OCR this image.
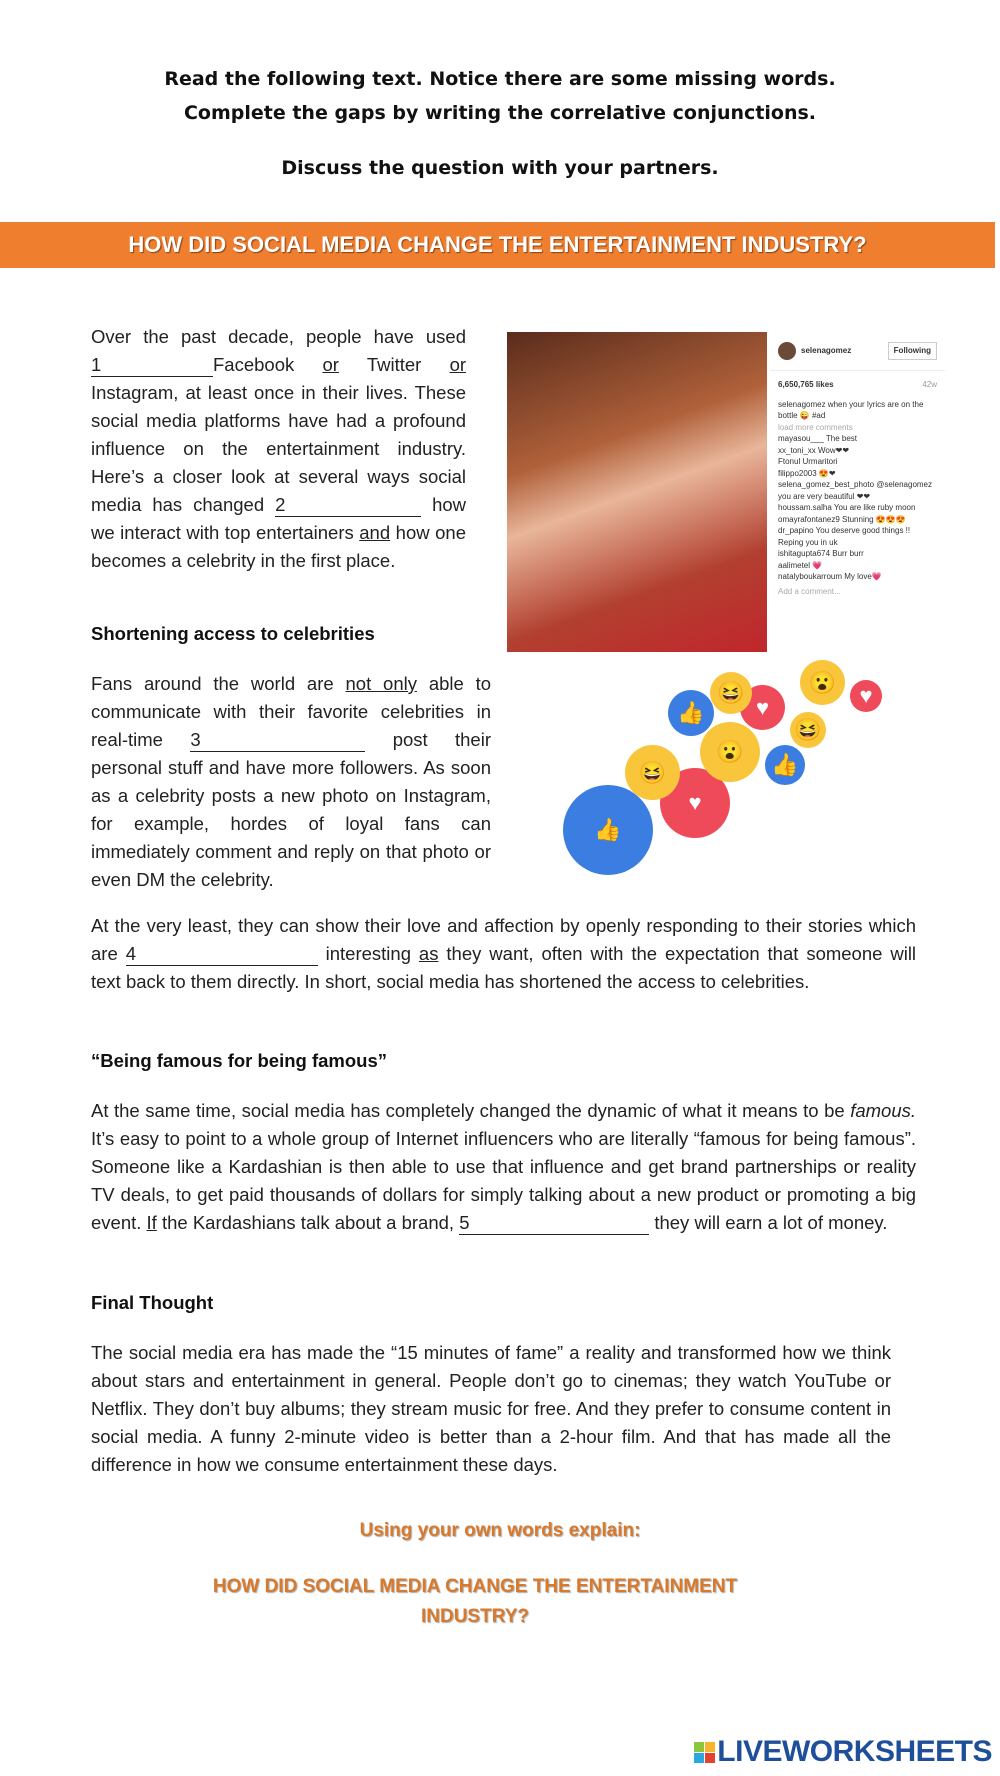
Read the following text. Notice there are some missing words.
Complete the gaps by writing the correlative conjunctions.
Discuss the question with your partners.
HOW DID SOCIAL MEDIA CHANGE THE ENTERTAINMENT INDUSTRY?
Over the past decade, people have used 1	Facebook or Twitter or Instagram, at least once in their lives. These social media platforms have had a profound influence on the entertainment industry. Here’s a closer look at several ways social media has changed 2	how we interact with top entertainers and how one becomes a celebrity in the first place.
Shortening access to celebrities
Fans around the world are not only able to communicate with their favorite celebrities in real-time 3	post their personal stuff and have more followers. As soon as a celebrity posts a new photo on Instagram, for example, hordes of loyal fans can immediately comment and reply on that photo or even DM the celebrity.
At the very least, they can show their love and affection by openly responding to their stories which are 4	interesting as they want, often with the expectation that someone will text back to them directly. In short, social media has shortened the access to celebrities.
“Being famous for being famous”
At the same time, social media has completely changed the dynamic of what it means to be famous. It’s easy to point to a whole group of Internet influencers who are literally “famous for being famous”. Someone like a Kardashian is then able to use that influence and get brand partnerships or reality TV deals, to get paid thousands of dollars for simply talking about a new product or promoting a big event. If the Kardashians talk about a brand, 5	they will earn a lot of money.
Final Thought
The social media era has made the “15 minutes of fame” a reality and transformed how we think about stars and entertainment in general. People don’t go to cinemas; they watch YouTube or Netflix. They don’t buy albums; they stream music for free. And they prefer to consume content in social media. A funny 2-minute video is better than a 2-hour film. And that has made all the difference in how we consume entertainment these days.
Using your own words explain:
HOW DID SOCIAL MEDIA CHANGE THE ENTERTAINMENT INDUSTRY?
selenagomez	Following
6,650,765 likes	42w
selenagomez when your lyrics are on the bottle 😜 #ad
load more comments
mayasou___ The best
xx_toni_xx Wow❤❤
Ftonul Urmaritori
filippo2003 😍❤
selena_gomez_best_photo @selenagomez you are very beautiful ❤❤
houssam.salha You are like ruby moon
omayrafontanez9 Stunning 😍😍😍
dr_papino You deserve good things !! Reping you in uk
ishitagupta674 Burr burr
aalimetel 💗
natalyboukarroum My love💗
Add a comment...
👍
♥
😆
😮
👍	♥
😆
👍
😆
😮
♥
LIVEWORKSHEETS
